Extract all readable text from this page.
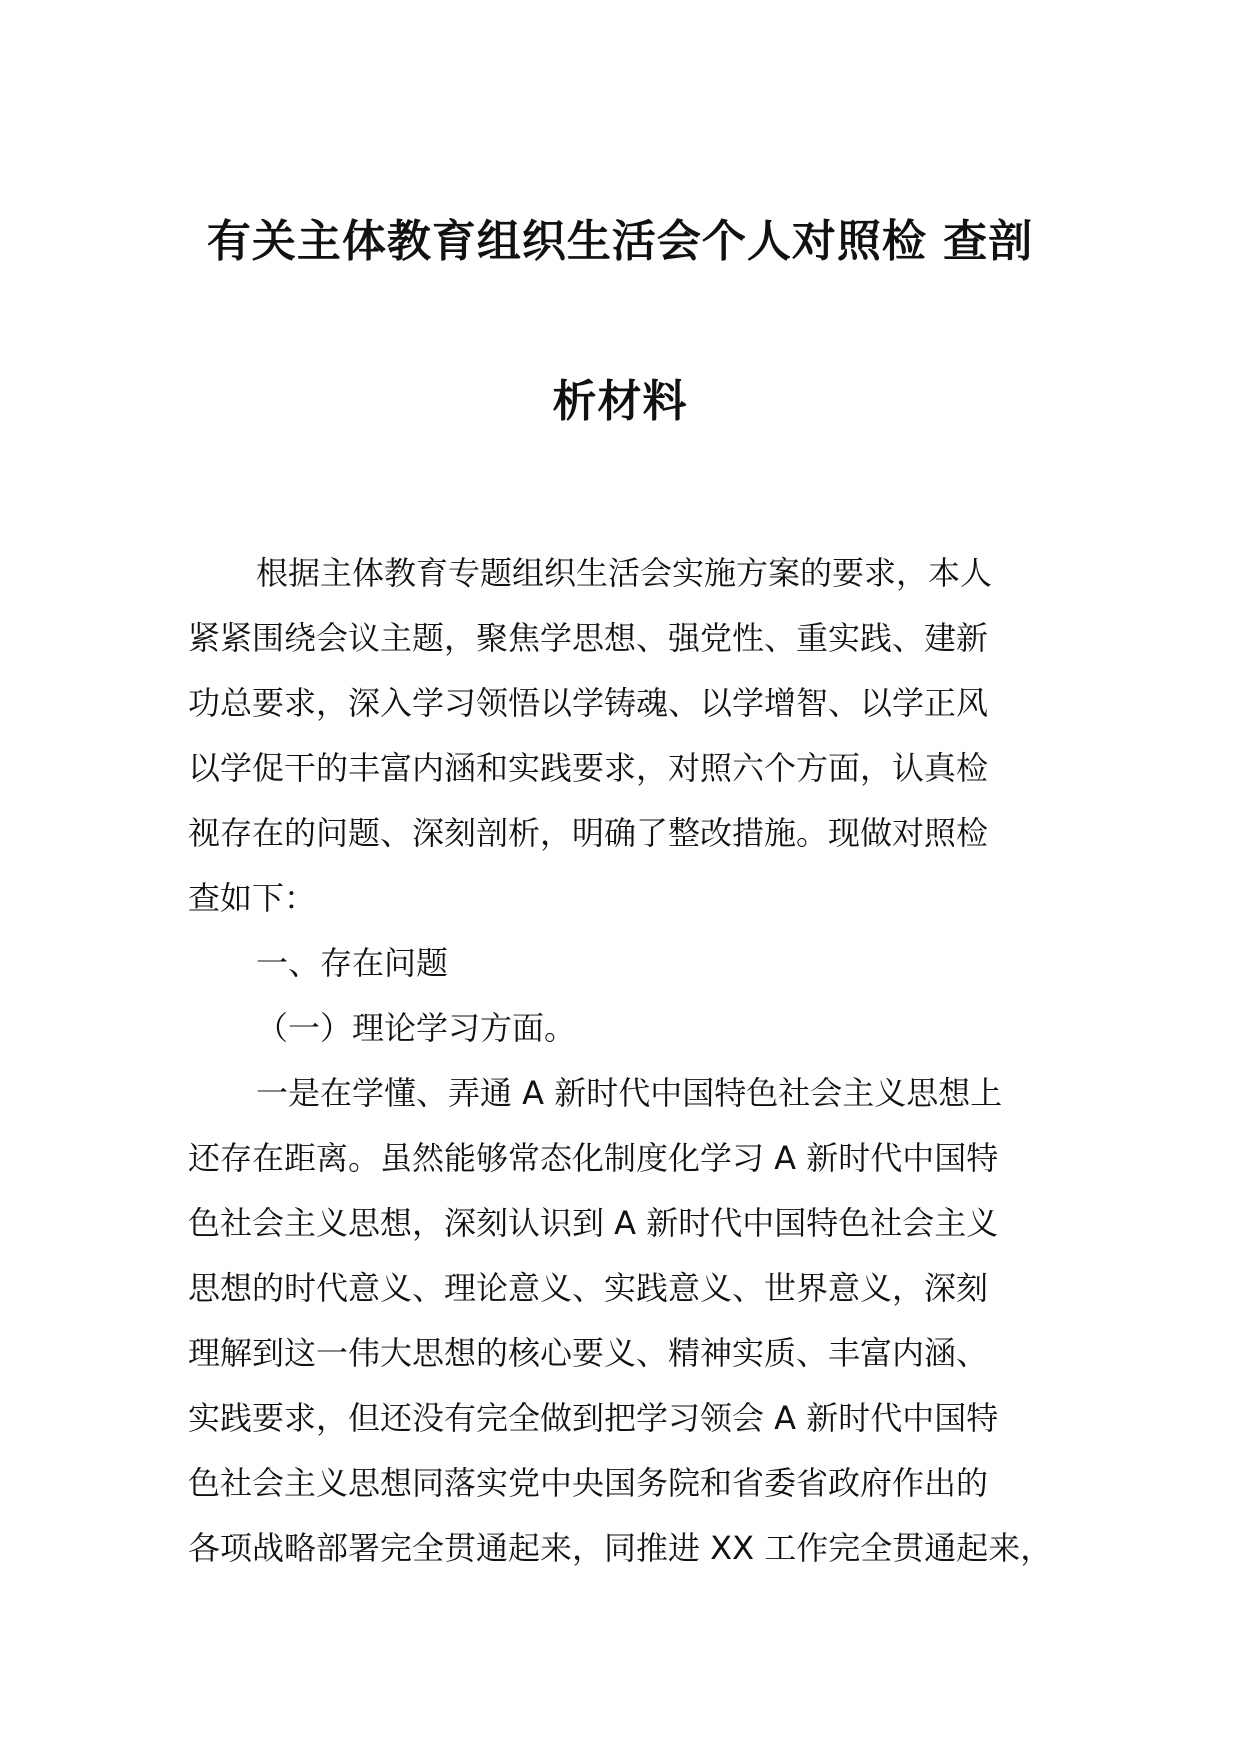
有关主体教育组织生活会个人对照检 查剖
析材料
根据主体教育专题组织生活会实施方案的要求，本人
紧紧围绕会议主题，聚焦学思想、强党性、重实践、建新
功总要求，深入学习领悟以学铸魂、以学增智、以学正风
以学促干的丰富内涵和实践要求，对照六个方面，认真检
视存在的问题、深刻剖析，明确了整改措施。现做对照检
查如下：
一、存在问题
（一）理论学习方面。
一是在学懂、弄通 A 新时代中国特色社会主义思想上
还存在距离。虽然能够常态化制度化学习 A 新时代中国特
色社会主义思想，深刻认识到 A 新时代中国特色社会主义
思想的时代意义、理论意义、实践意义、世界意义，深刻
理解到这一伟大思想的核心要义、精神实质、丰富内涵、
实践要求，但还没有完全做到把学习领会 A 新时代中国特
色社会主义思想同落实党中央国务院和省委省政府作出的
各项战略部署完全贯通起来，同推进 XX 工作完全贯通起来，
